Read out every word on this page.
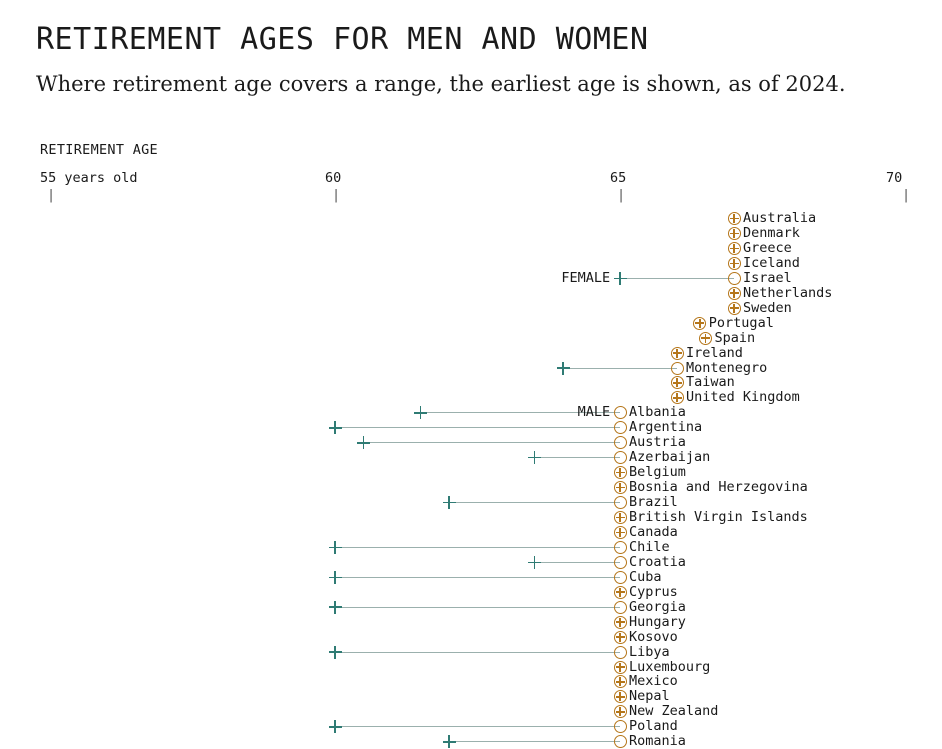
RETIREMENT AGES FOR MEN AND WOMEN
Where retirement age covers a range, the earliest age is shown, as of 2024.
RETIREMENT AGE
55 years old
|
60
|
65
|
70
|
Australia
Denmark
Greece
Iceland
Israel
FEMALE
Netherlands
Sweden
Portugal
Spain
Ireland
Montenegro
Taiwan
United Kingdom
Albania
MALE
Argentina
Austria
Azerbaijan
Belgium
Bosnia and Herzegovina
Brazil
British Virgin Islands
Canada
Chile
Croatia
Cuba
Cyprus
Georgia
Hungary
Kosovo
Libya
Luxembourg
Mexico
Nepal
New Zealand
Poland
Romania
